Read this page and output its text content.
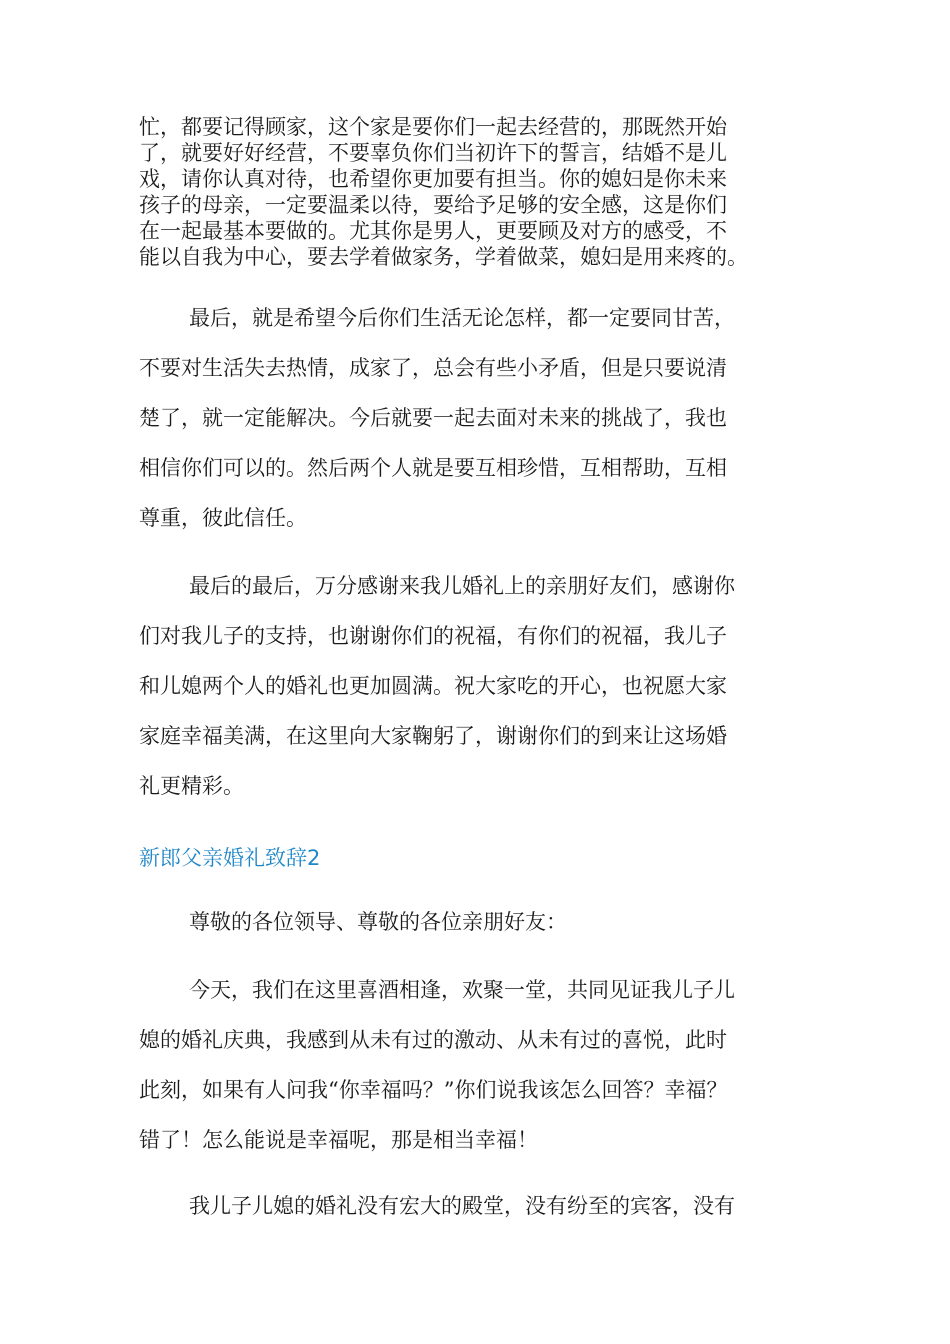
忙，都要记得顾家，这个家是要你们一起去经营的，那既然开始

了，就要好好经营，不要辜负你们当初许下的誓言，结婚不是儿

戏，请你认真对待，也希望你更加要有担当。你的媳妇是你未来

孩子的母亲，一定要温柔以待，要给予足够的安全感，这是你们

在一起最基本要做的。尤其你是男人，更要顾及对方的感受，不

能以自我为中心，要去学着做家务，学着做菜，媳妇是用来疼的。

最后，就是希望今后你们生活无论怎样，都一定要同甘苦，

不要对生活失去热情，成家了，总会有些小矛盾，但是只要说清

楚了，就一定能解决。今后就要一起去面对未来的挑战了，我也

相信你们可以的。然后两个人就是要互相珍惜，互相帮助，互相

尊重，彼此信任。

最后的最后，万分感谢来我儿婚礼上的亲朋好友们，感谢你

们对我儿子的支持，也谢谢你们的祝福，有你们的祝福，我儿子

和儿媳两个人的婚礼也更加圆满。祝大家吃的开心，也祝愿大家

家庭幸福美满，在这里向大家鞠躬了，谢谢你们的到来让这场婚

礼更精彩。

新郎父亲婚礼致辞2

尊敬的各位领导、尊敬的各位亲朋好友：

今天，我们在这里喜酒相逢，欢聚一堂，共同见证我儿子儿

媳的婚礼庆典，我感到从未有过的激动、从未有过的喜悦，此时

此刻，如果有人问我“你幸福吗？”你们说我该怎么回答？幸福？

错了！怎么能说是幸福呢，那是相当幸福！

我儿子儿媳的婚礼没有宏大的殿堂，没有纷至的宾客，没有
